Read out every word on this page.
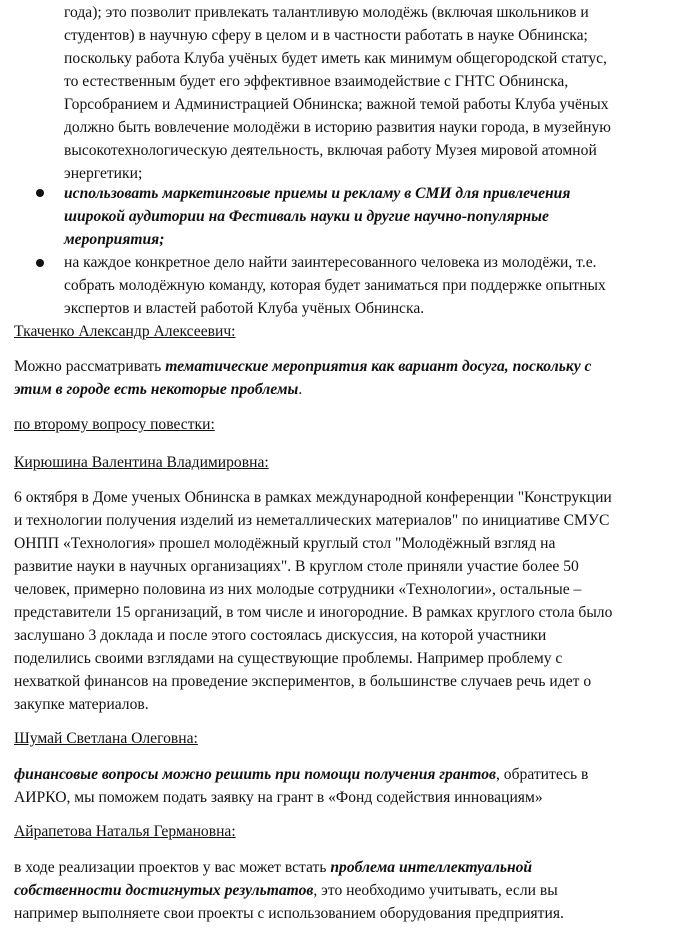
года); это позволит привлекать талантливую молодёжь (включая школьников и
студентов) в научную сферу в целом и в частности работать в науке Обнинска;
поскольку работа Клуба учёных будет иметь как минимум общегородской статус,
то естественным будет его эффективное взаимодействие с ГНТС Обнинска,
Горсобранием и Администрацией Обнинска; важной темой работы Клуба учёных
должно быть вовлечение молодёжи в историю развития науки города, в музейную
высокотехнологическую деятельность, включая работу Музея мировой атомной
энергетики;
использовать маркетинговые приемы и рекламу в СМИ для привлечения
широкой аудитории на Фестиваль науки и другие научно-популярные
мероприятия;
на каждое конкретное дело найти заинтересованного человека из молодёжи, т.е.
собрать молодёжную команду, которая будет заниматься при поддержке опытных
экспертов и властей работой Клуба учёных Обнинска.
Ткаченко Александр Алексеевич:
Можно рассматривать тематические мероприятия как вариант досуга, поскольку с
этим в городе есть некоторые проблемы.
по второму вопросу повестки:
Кирюшина Валентина Владимировна:
6 октября в Доме ученых Обнинска в рамках международной конференции "Конструкции
и технологии получения изделий из неметаллических материалов" по инициативе СМУС
ОНПП «Технология» прошел молодёжный круглый стол "Молодёжный взгляд на
развитие науки в научных организациях". В круглом столе приняли участие более 50
человек, примерно половина из них молодые сотрудники «Технологии», остальные –
представители 15 организаций, в том числе и иногородние. В рамках круглого стола было
заслушано 3 доклада и после этого состоялась дискуссия, на которой участники
поделились своими взглядами на существующие проблемы. Например проблему с
нехваткой финансов на проведение экспериментов, в большинстве случаев речь идет о
закупке материалов.
Шумай Светлана Олеговна:
финансовые вопросы можно решить при помощи получения грантов, обратитесь в
АИРКО, мы поможем подать заявку на грант в «Фонд содействия инновациям»
Айрапетова Наталья Германовна:
в ходе реализации проектов у вас может встать проблема интеллектуальной
собственности достигнутых результатов, это необходимо учитывать, если вы
например выполняете свои проекты с использованием оборудования предприятия.
